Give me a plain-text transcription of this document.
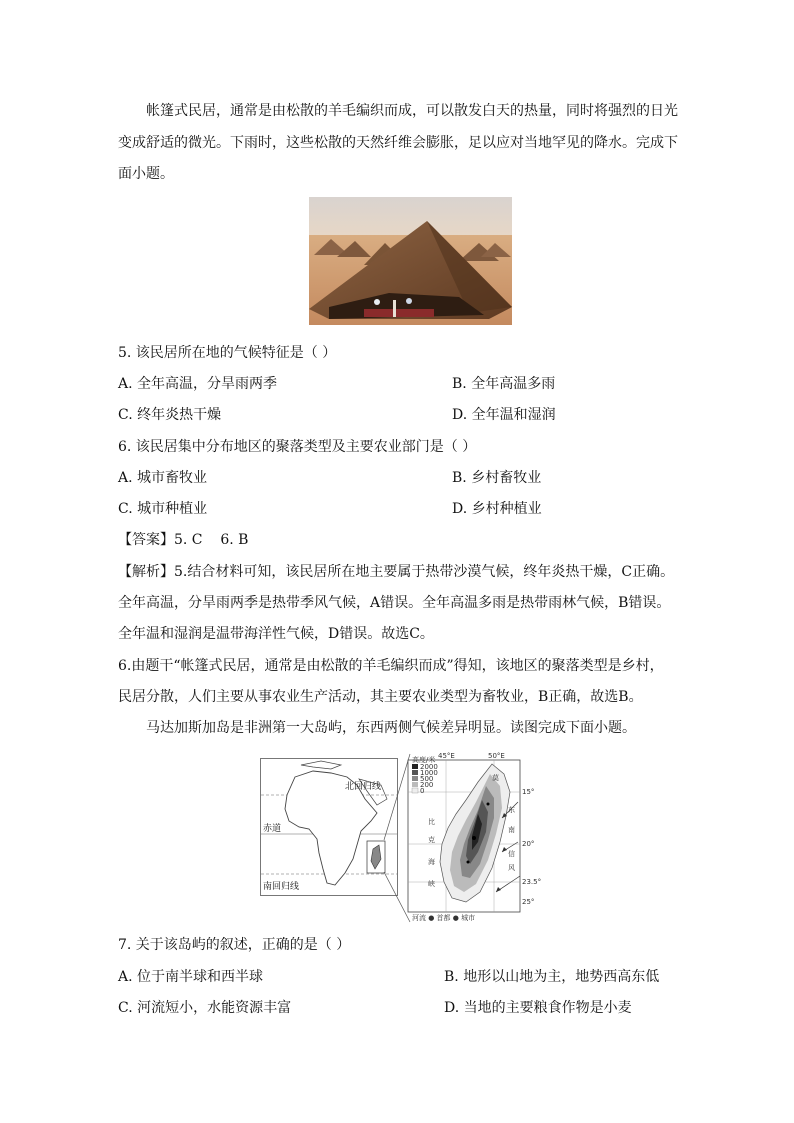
帐篷式民居，通常是由松散的羊毛编织而成，可以散发白天的热量，同时将强烈的日光
变成舒适的微光。下雨时，这些松散的天然纤维会膨胀，足以应对当地罕见的降水。完成下
面小题。
5. 该民居所在地的气候特征是（ ）
A. 全年高温，分旱雨两季	B. 全年高温多雨
C. 终年炎热干燥	D. 全年温和湿润
6. 该民居集中分布地区的聚落类型及主要农业部门是（ ）
A. 城市畜牧业	B. 乡村畜牧业
C. 城市种植业	D. 乡村种植业
【答案】5. C    6. B
【解析】5.结合材料可知，该民居所在地主要属于热带沙漠气候，终年炎热干燥，C正确。
全年高温，分旱雨两季是热带季风气候，A错误。全年高温多雨是热带雨林气候，B错误。
全年温和湿润是温带海洋性气候，D错误。故选C。
6.由题干“帐篷式民居，通常是由松散的羊毛编织而成”得知，该地区的聚落类型是乡村，
民居分散，人们主要从事农业生产活动，其主要农业类型为畜牧业，B正确，故选B。
马达加斯加岛是非洲第一大岛屿，东西两侧气候差异明显。读图完成下面小题。
北回归线
赤道
南回归线
高度/米
2000
1000
500
200
0
45°E	50°E
15°
20°
23.5°
25°
莫
比
克
海
峡
东
南
信
风
河流 ● 首都 ● 城市
7. 关于该岛屿的叙述，正确的是（ ）
A. 位于南半球和西半球	B. 地形以山地为主，地势西高东低
C. 河流短小，水能资源丰富	D. 当地的主要粮食作物是小麦
